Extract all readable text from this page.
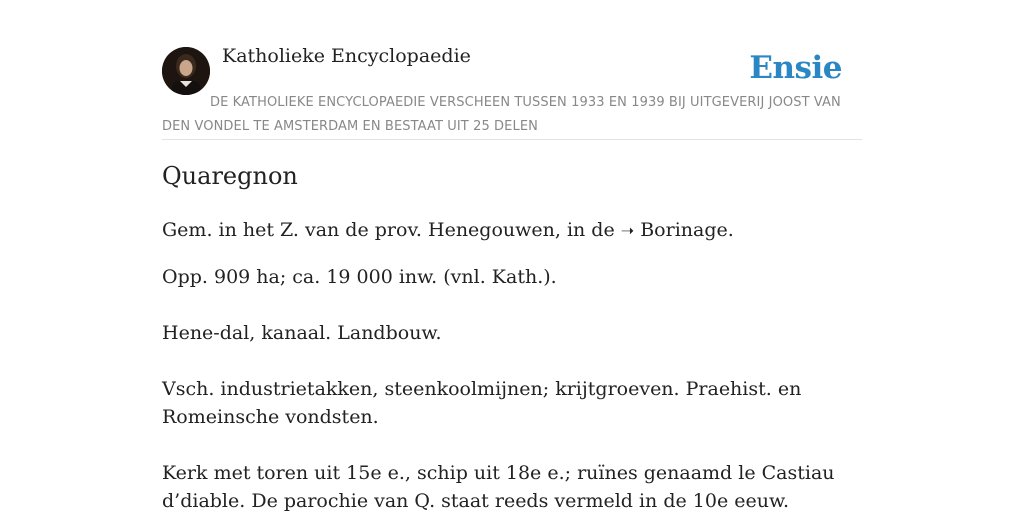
Katholieke Encyclopaedie	Ensie
DE KATHOLIEKE ENCYCLOPAEDIE VERSCHEEN TUSSEN 1933 EN 1939 BIJ UITGEVERIJ JOOST VAN DEN VONDEL TE AMSTERDAM EN BESTAAT UIT 25 DELEN
Quaregnon

Gem. in het Z. van de prov. Henegouwen, in de ➝ Borinage.

Opp. 909 ha; ca. 19 000 inw. (vnl. Kath.).

Hene-dal, kanaal. Landbouw.

Vsch. industrietakken, steenkoolmijnen; krijtgroeven. Praehist. en Romeinsche vondsten.

Kerk met toren uit 15e e., schip uit 18e e.; ruïnes genaamd le Castiau d’diable. De parochie van Q. staat reeds vermeld in de 10e eeuw.
